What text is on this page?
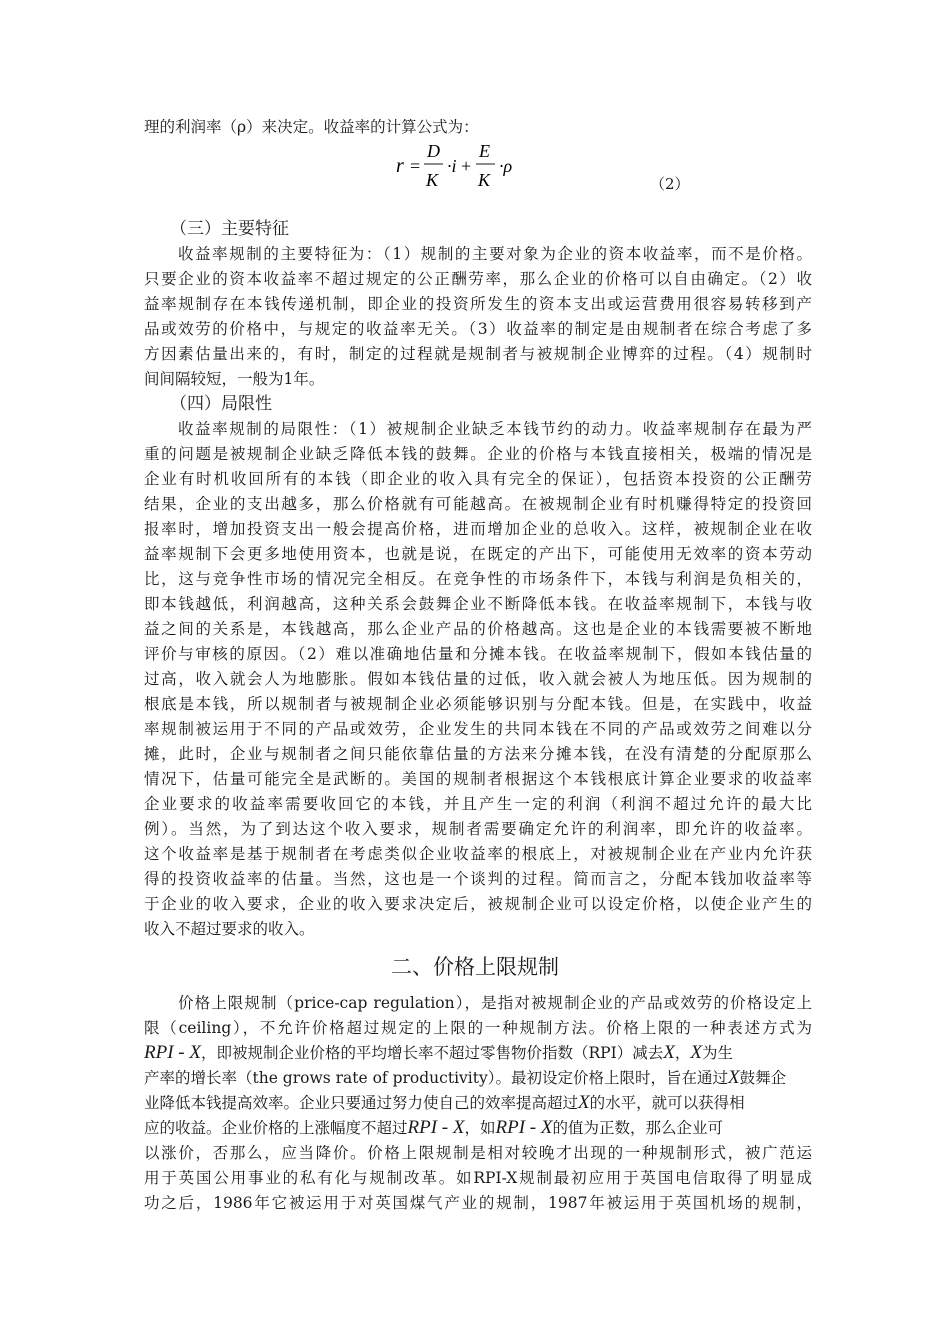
理的利润率（ρ）来决定。收益率的计算公式为：
r =
D
K
·i +
E
K
·ρ
（2）
（三）主要特征
收益率规制的主要特征为：（1）规制的主要对象为企业的资本收益率，而不是价格。
只要企业的资本收益率不超过规定的公正酬劳率，那么企业的价格可以自由确定。（2）收
益率规制存在本钱传递机制，即企业的投资所发生的资本支出或运营费用很容易转移到产
品或效劳的价格中，与规定的收益率无关。（3）收益率的制定是由规制者在综合考虑了多
方因素估量出来的，有时，制定的过程就是规制者与被规制企业博弈的过程。（4）规制时
间间隔较短，一般为1年。
（四）局限性
收益率规制的局限性：（1）被规制企业缺乏本钱节约的动力。收益率规制存在最为严
重的问题是被规制企业缺乏降低本钱的鼓舞。企业的价格与本钱直接相关，极端的情况是
企业有时机收回所有的本钱（即企业的收入具有完全的保证），包括资本投资的公正酬劳
结果，企业的支出越多，那么价格就有可能越高。在被规制企业有时机赚得特定的投资回
报率时，增加投资支出一般会提高价格，进而增加企业的总收入。这样，被规制企业在收
益率规制下会更多地使用资本，也就是说，在既定的产出下，可能使用无效率的资本劳动
比，这与竞争性市场的情况完全相反。在竞争性的市场条件下，本钱与利润是负相关的，
即本钱越低，利润越高，这种关系会鼓舞企业不断降低本钱。在收益率规制下，本钱与收
益之间的关系是，本钱越高，那么企业产品的价格越高。这也是企业的本钱需要被不断地
评价与审核的原因。（2）难以准确地估量和分摊本钱。在收益率规制下，假如本钱估量的
过高，收入就会人为地膨胀。假如本钱估量的过低，收入就会被人为地压低。因为规制的
根底是本钱，所以规制者与被规制企业必须能够识别与分配本钱。但是，在实践中，收益
率规制被运用于不同的产品或效劳，企业发生的共同本钱在不同的产品或效劳之间难以分
摊，此时，企业与规制者之间只能依靠估量的方法来分摊本钱，在没有清楚的分配原那么
情况下，估量可能完全是武断的。美国的规制者根据这个本钱根底计算企业要求的收益率
企业要求的收益率需要收回它的本钱，并且产生一定的利润（利润不超过允许的最大比
例）。当然，为了到达这个收入要求，规制者需要确定允许的利润率，即允许的收益率。
这个收益率是基于规制者在考虑类似企业收益率的根底上，对被规制企业在产业内允许获
得的投资收益率的估量。当然，这也是一个谈判的过程。简而言之，分配本钱加收益率等
于企业的收入要求，企业的收入要求决定后，被规制企业可以设定价格，以使企业产生的
收入不超过要求的收入。
二、价格上限规制
价格上限规制（price-cap regulation），是指对被规制企业的产品或效劳的价格设定上
限（ceiling），不允许价格超过规定的上限的一种规制方法。价格上限的一种表述方式为
RPI - X，即被规制企业价格的平均增长率不超过零售物价指数（RPI）减去X，X为生
产率的增长率（the grows rate of productivity）。最初设定价格上限时，旨在通过X鼓舞企
业降低本钱提高效率。企业只要通过努力使自己的效率提高超过X的水平，就可以获得相
应的收益。企业价格的上涨幅度不超过RPI - X，如RPI - X的值为正数，那么企业可
以涨价，否那么，应当降价。价格上限规制是相对较晚才出现的一种规制形式，被广范运
用于英国公用事业的私有化与规制改革。如RPI-X规制最初应用于英国电信取得了明显成
功之后，1986年它被运用于对英国煤气产业的规制，1987年被运用于英国机场的规制，
